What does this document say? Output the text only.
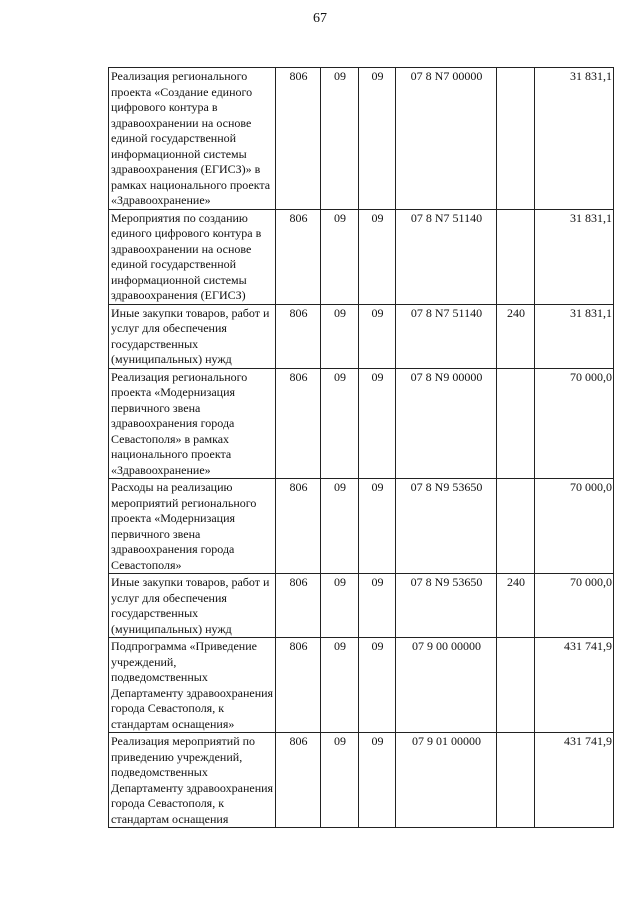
67
Реализация регионального проекта «Создание единого цифрового контура в здравоохранении на основе единой государственной информационной системы здравоохранения (ЕГИСЗ)» в рамках национального проекта «Здравоохранение»	806	09	09	07 8 N7 00000		31 831,1
Мероприятия по созданию единого цифрового контура в здравоохранении на основе единой государственной информационной системы здравоохранения (ЕГИСЗ)	806	09	09	07 8 N7 51140		31 831,1
Иные закупки товаров, работ и услуг для обеспечения государственных (муниципальных) нужд	806	09	09	07 8 N7 51140	240	31 831,1
Реализация регионального проекта «Модернизация первичного звена здравоохранения города Севастополя» в рамках национального проекта «Здравоохранение»	806	09	09	07 8 N9 00000		70 000,0
Расходы на реализацию мероприятий регионального проекта «Модернизация первичного звена здравоохранения города Севастополя»	806	09	09	07 8 N9 53650		70 000,0
Иные закупки товаров, работ и услуг для обеспечения государственных (муниципальных) нужд	806	09	09	07 8 N9 53650	240	70 000,0
Подпрограмма «Приведение учреждений, подведомственных Департаменту здравоохранения города Севастополя, к стандартам оснащения»	806	09	09	07 9 00 00000		431 741,9
Реализация мероприятий по приведению учреждений, подведомственных Департаменту здравоохранения города Севастополя, к стандартам оснащения	806	09	09	07 9 01 00000		431 741,9
